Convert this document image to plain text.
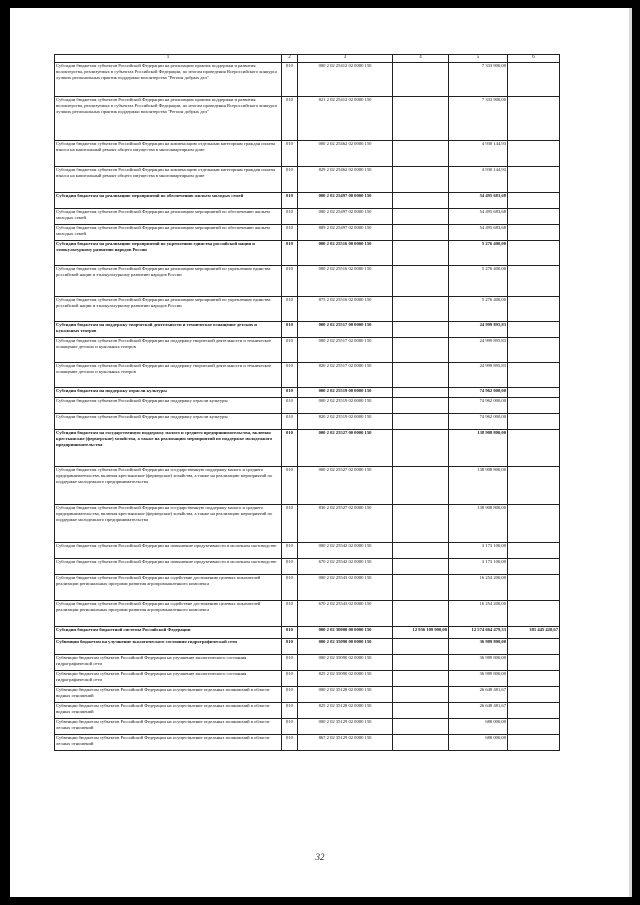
1	2	3	4	5	6
Субсидии бюджетам субъектов Российской Федерации на реализацию практик поддержки и развития волонтерства, реализуемых в субъектах Российской Федерации, по итогам проведения Всероссийского конкурса лучших региональных практик поддержки волонтерства "Регион добрых дел"	010	000 2 02 25412 02 0000 150		7 333 900,00	
Субсидии бюджетам субъектов Российской Федерации на реализацию практик поддержки и развития волонтерства, реализуемых в субъектах Российской Федерации, по итогам проведения Всероссийского конкурса лучших региональных практик поддержки волонтерства "Регион добрых дел"	010	821 2 02 25412 02 0000 150		7 333 900,00	
Субсидии бюджетам субъектов Российской Федерации на компенсацию отдельным категориям граждан оплаты взноса на капитальный ремонт общего имущества в многоквартирном доме	010	000 2 02 25462 02 0000 150		4 930 144,93	
Субсидии бюджетам субъектов Российской Федерации на компенсацию отдельным категориям граждан оплаты взноса на капитальный ремонт общего имущества в многоквартирном доме	010	829 2 02 25462 02 0000 150		4 930 144,93	
Субсидии бюджетам на реализацию мероприятий по обеспечению жильем молодых семей	010	000 2 02 25497 00 0000 150		54 495 683,68	
Субсидии бюджетам субъектов Российской Федерации на реализацию мероприятий по обеспечению жильем молодых семей	010	000 2 02 25497 02 0000 150		54 495 683,68	
Субсидии бюджетам субъектов Российской Федерации на реализацию мероприятий по обеспечению жильем молодых семей	010	809 2 02 25497 02 0000 150		54 495 683,68	
Субсидии бюджетам на реализацию мероприятий по укреплению единства российской нации и этнокультурному развитию народов России	010	000 2 02 25516 00 0000 150		5 276 400,00	
Субсидии бюджетам субъектов Российской Федерации на реализацию мероприятий по укреплению единства российской нации и этнокультурному развитию народов России	010	000 2 02 25516 02 0000 150		5 276 400,00	
Субсидии бюджетам субъектов Российской Федерации на реализацию мероприятий по укреплению единства российской нации и этнокультурному развитию народов России	010	875 2 02 25516 02 0000 150		5 276 400,00	
Субсидии бюджетам на поддержку творческой деятельности и техническое оснащение детских и кукольных театров	010	000 2 02 25517 00 0000 150		24 999 895,83	
Субсидии бюджетам субъектов Российской Федерации на поддержку творческой деятельности и техническое оснащение детских и кукольных театров	010	000 2 02 25517 02 0000 150		24 999 895,83	
Субсидии бюджетам субъектов Российской Федерации на поддержку творческой деятельности и техническое оснащение детских и кукольных театров	010	820 2 02 25517 02 0000 150		24 999 895,83	
Субсидии бюджетам на поддержку отрасли культуры	010	000 2 02 25519 00 0000 150		74 962 000,00	
Субсидии бюджетам субъектов Российской Федерации на поддержку отрасли культуры	010	000 2 02 25519 02 0000 150		74 962 000,00	
Субсидии бюджетам субъектов Российской Федерации на поддержку отрасли культуры	010	820 2 02 25519 02 0000 150		74 962 000,00	
Субсидии бюджетам на государственную поддержку малого и среднего предпринимательства, включая крестьянские (фермерские) хозяйства, а также на реализацию мероприятий по поддержке молодежного предпринимательства	010	000 2 02 25527 00 0000 150		138 908 800,00	
Субсидии бюджетам субъектов Российской Федерации на государственную поддержку малого и среднего предпринимательства, включая крестьянские (фермерские) хозяйства, а также на реализацию мероприятий по поддержке молодежного предпринимательства	010	000 2 02 25527 02 0000 150		138 908 800,00	
Субсидии бюджетам субъектов Российской Федерации на государственную поддержку малого и среднего предпринимательства, включая крестьянские (фермерские) хозяйства, а также на реализацию мероприятий по поддержке молодежного предпринимательства	010	830 2 02 25527 02 0000 150		138 908 800,00	
Субсидии бюджетам субъектов Российской Федерации на повышение продуктивности в молочном скотоводстве	010	000 2 02 25542 02 0000 150		3 173 100,00	
Субсидии бюджетам субъектов Российской Федерации на повышение продуктивности в молочном скотоводстве	010	670 2 02 25542 02 0000 150		3 173 100,00	
Субсидии бюджетам субъектов Российской Федерации на содействие достижению целевых показателей реализации региональных программ развития агропромышленного комплекса	010	000 2 02 25543 02 0000 150		16 254 200,00	
Субсидии бюджетам субъектов Российской Федерации на содействие достижению целевых показателей реализации региональных программ развития агропромышленного комплекса	010	670 2 02 25543 02 0000 150		16 254 200,00	
Субсидии бюджетам бюджетной системы Российской Федерации	010	000 2 02 30000 00 0000 150	12 956 109 900,00	12 574 664 479,33	381 445 420,67
Субвенции бюджетам на улучшение экологического состояния гидрографической сети	010	000 2 02 35090 00 0000 150		36 989 800,00	
Субвенции бюджетам субъектов Российской Федерации на улучшение экологического состояния гидрографической сети	010	000 2 02 35090 02 0000 150		36 989 800,00	
Субвенции бюджетам субъектов Российской Федерации на улучшение экологического состояния гидрографической сети	010	825 2 02 35090 02 0000 150		36 989 800,00	
Субвенции бюджетам субъектов Российской Федерации на осуществление отдельных полномочий в области водных отношений	010	000 2 02 35128 02 0000 150		26 648 481,67	
Субвенции бюджетам субъектов Российской Федерации на осуществление отдельных полномочий в области водных отношений	010	825 2 02 35128 02 0000 150		26 648 481,67	
Субвенции бюджетам субъектов Российской Федерации на осуществление отдельных полномочий в области лесных отношений	010	000 2 02 35129 02 0000 150		688 000,00	
Субвенции бюджетам субъектов Российской Федерации на осуществление отдельных полномочий в области лесных отношений	010	867 2 02 35129 02 0000 150		688 000,00	
32
